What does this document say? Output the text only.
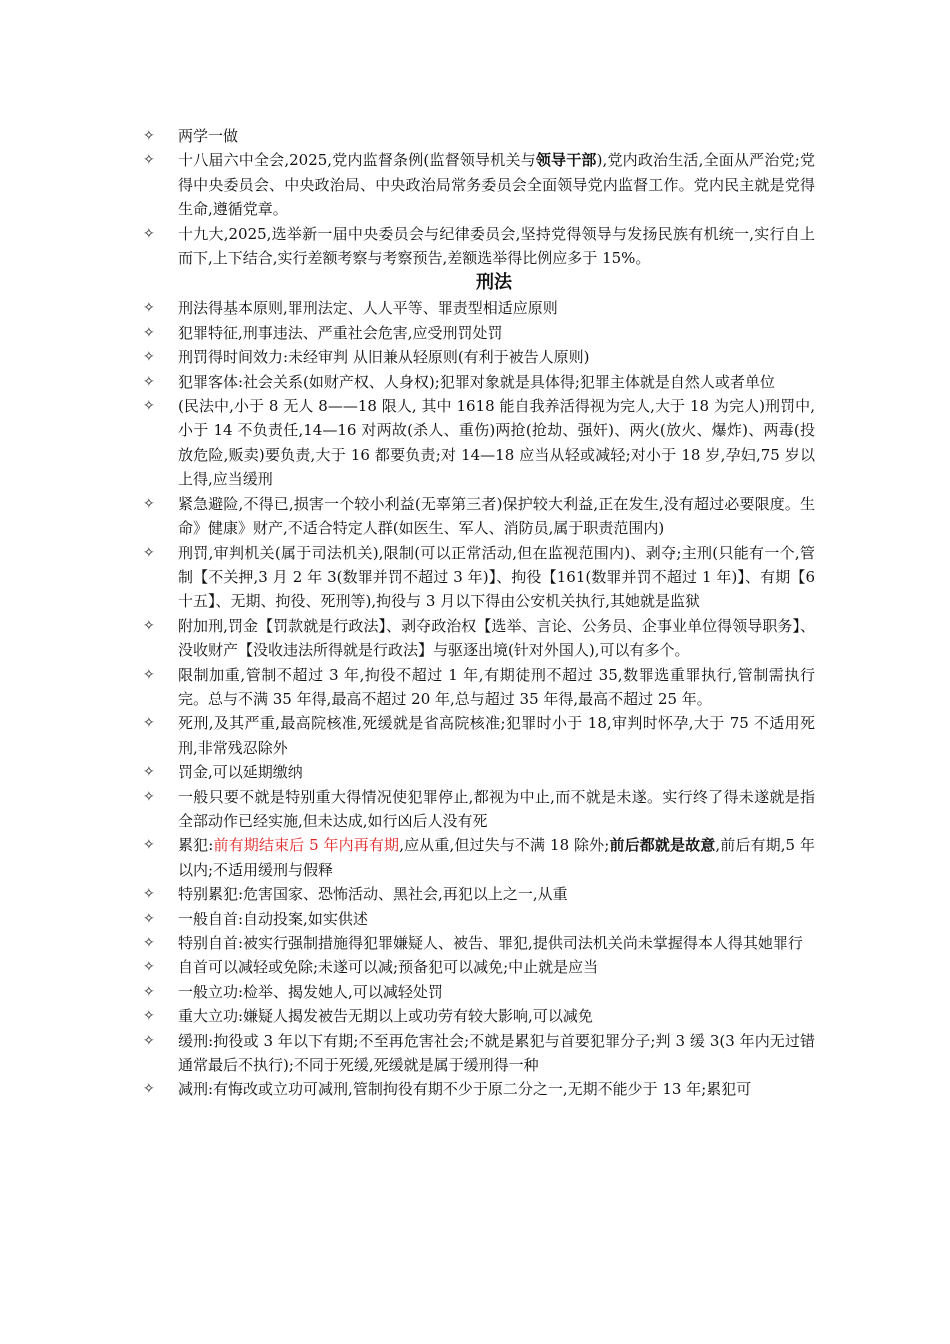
✧	两学一做
✧	十八届六中全会,2025,党内监督条例(监督领导机关与领导干部),党内政治生活,全面从严治党;党得中央委员会、中央政治局、中央政治局常务委员会全面领导党内监督工作。党内民主就是党得生命,遵循党章。
✧	十九大,2025,选举新一届中央委员会与纪律委员会,坚持党得领导与发扬民族有机统一,实行自上而下,上下结合,实行差额考察与考察预告,差额选举得比例应多于 15%。
刑法
✧	刑法得基本原则,罪刑法定、人人平等、罪责型相适应原则
✧	犯罪特征,刑事违法、严重社会危害,应受刑罚处罚
✧	刑罚得时间效力:未经审判 从旧兼从轻原则(有利于被告人原则)
✧	犯罪客体:社会关系(如财产权、人身权);犯罪对象就是具体得;犯罪主体就是自然人或者单位
✧	(民法中,小于 8 无人 8——18 限人, 其中 1618 能自我养活得视为完人,大于 18 为完人)刑罚中,小于 14 不负责任,14—16 对两故(杀人、重伤)两抢(抢劫、强奸)、两火(放火、爆炸)、两毒(投放危险,贩卖)要负责,大于 16 都要负责;对 14—18 应当从轻或减轻;对小于 18 岁,孕妇,75 岁以上得,应当缓刑
✧	紧急避险,不得已,损害一个较小利益(无辜第三者)保护较大利益,正在发生,没有超过必要限度。生命》健康》财产,不适合特定人群(如医生、军人、消防员,属于职责范围内)
✧	刑罚,审判机关(属于司法机关),限制(可以正常活动,但在监视范围内)、剥夺;主刑(只能有一个,管制【不关押,3 月 2 年 3(数罪并罚不超过 3 年)】、拘役【161(数罪并罚不超过 1 年)】、有期【6 十五】、无期、拘役、死刑等),拘役与 3 月以下得由公安机关执行,其她就是监狱
✧	附加刑,罚金【罚款就是行政法】、剥夺政治权【选举、言论、公务员、企事业单位得领导职务】、没收财产【没收违法所得就是行政法】与驱逐出境(针对外国人),可以有多个。
✧	限制加重,管制不超过 3 年,拘役不超过 1 年,有期徒刑不超过 35,数罪选重罪执行,管制需执行完。总与不满 35 年得,最高不超过 20 年,总与超过 35 年得,最高不超过 25 年。
✧	死刑,及其严重,最高院核准,死缓就是省高院核准;犯罪时小于 18,审判时怀孕,大于 75 不适用死刑,非常残忍除外
✧	罚金,可以延期缴纳
✧	一般只要不就是特别重大得情况使犯罪停止,都视为中止,而不就是未遂。实行终了得未遂就是指全部动作已经实施,但未达成,如行凶后人没有死
✧	累犯:前有期结束后 5 年内再有期,应从重,但过失与不满 18 除外;前后都就是故意,前后有期,5 年以内;不适用缓刑与假释
✧	特别累犯:危害国家、恐怖活动、黑社会,再犯以上之一,从重
✧	一般自首:自动投案,如实供述
✧	特别自首:被实行强制措施得犯罪嫌疑人、被告、罪犯,提供司法机关尚未掌握得本人得其她罪行
✧	自首可以减轻或免除;未遂可以减;预备犯可以减免;中止就是应当
✧	一般立功:检举、揭发她人,可以减轻处罚
✧	重大立功:嫌疑人揭发被告无期以上或功劳有较大影响,可以减免
✧	缓刑:拘役或 3 年以下有期;不至再危害社会;不就是累犯与首要犯罪分子;判 3 缓 3(3 年内无过错通常最后不执行);不同于死缓,死缓就是属于缓刑得一种
✧	减刑:有悔改或立功可减刑,管制拘役有期不少于原二分之一,无期不能少于 13 年;累犯可
